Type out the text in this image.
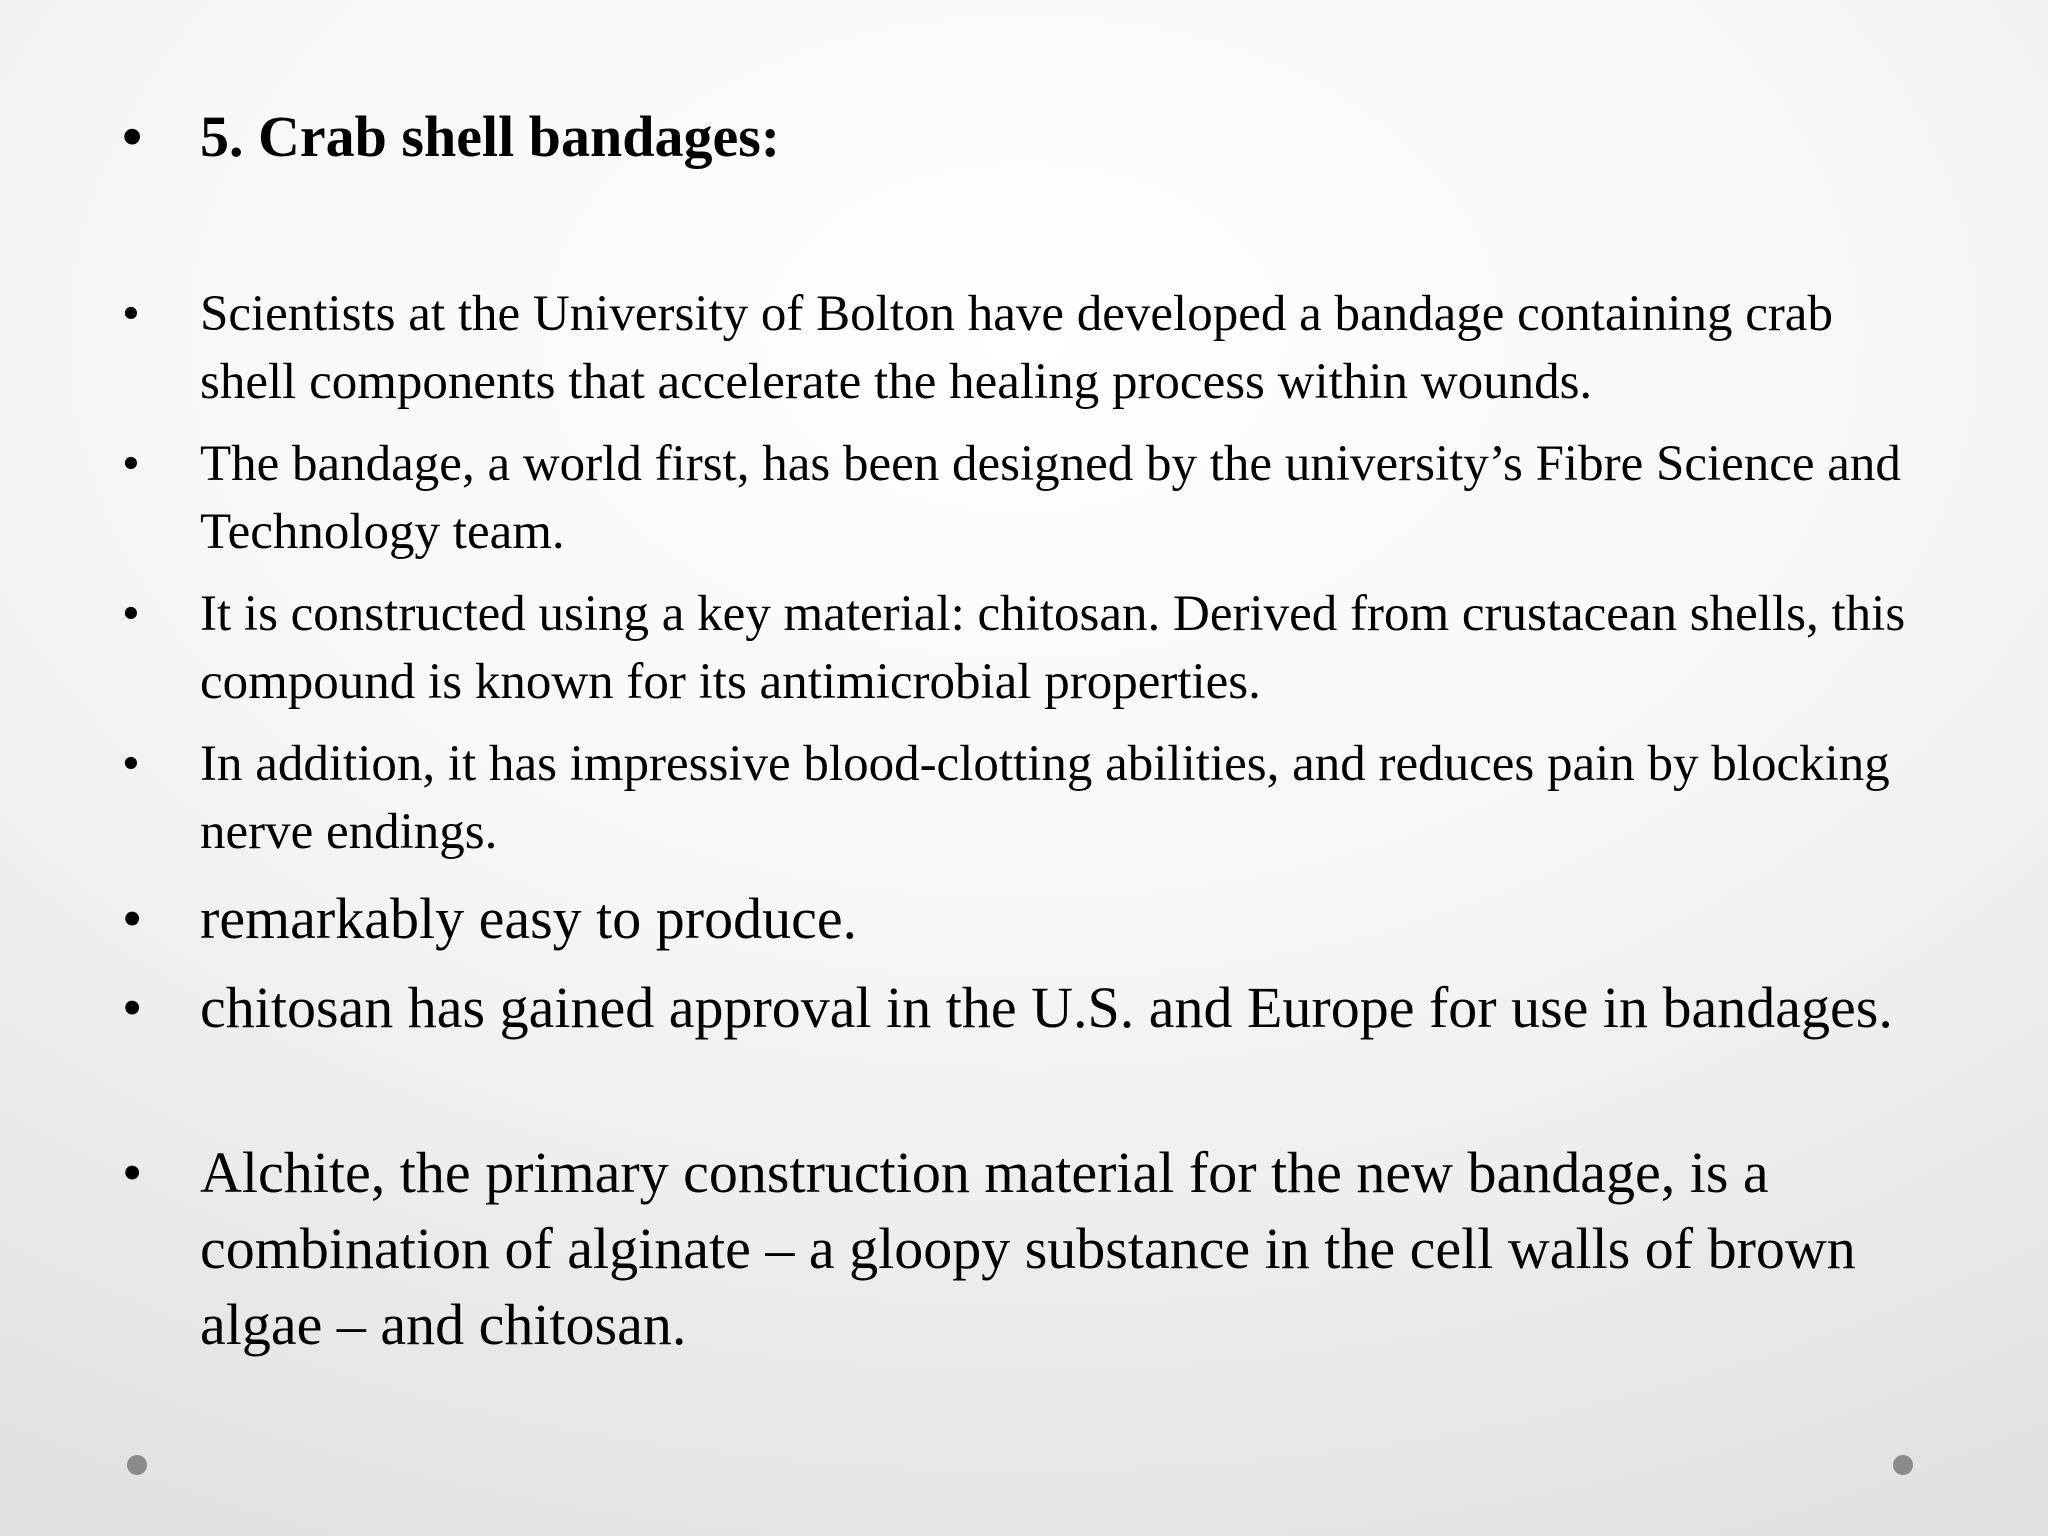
• 5. Crab shell bandages:
• Scientists at the University of Bolton have developed a bandage containing crab shell components that accelerate the healing process within wounds.
• The bandage, a world first, has been designed by the university’s Fibre Science and Technology team.
• It is constructed using a key material: chitosan. Derived from crustacean shells, this compound is known for its antimicrobial properties.
• In addition, it has impressive blood-clotting abilities, and reduces pain by blocking nerve endings.
• remarkably easy to produce.
• chitosan has gained approval in the U.S. and Europe for use in bandages.
• Alchite, the primary construction material for the new bandage, is a combination of alginate – a gloopy substance in the cell walls of brown algae – and chitosan.
